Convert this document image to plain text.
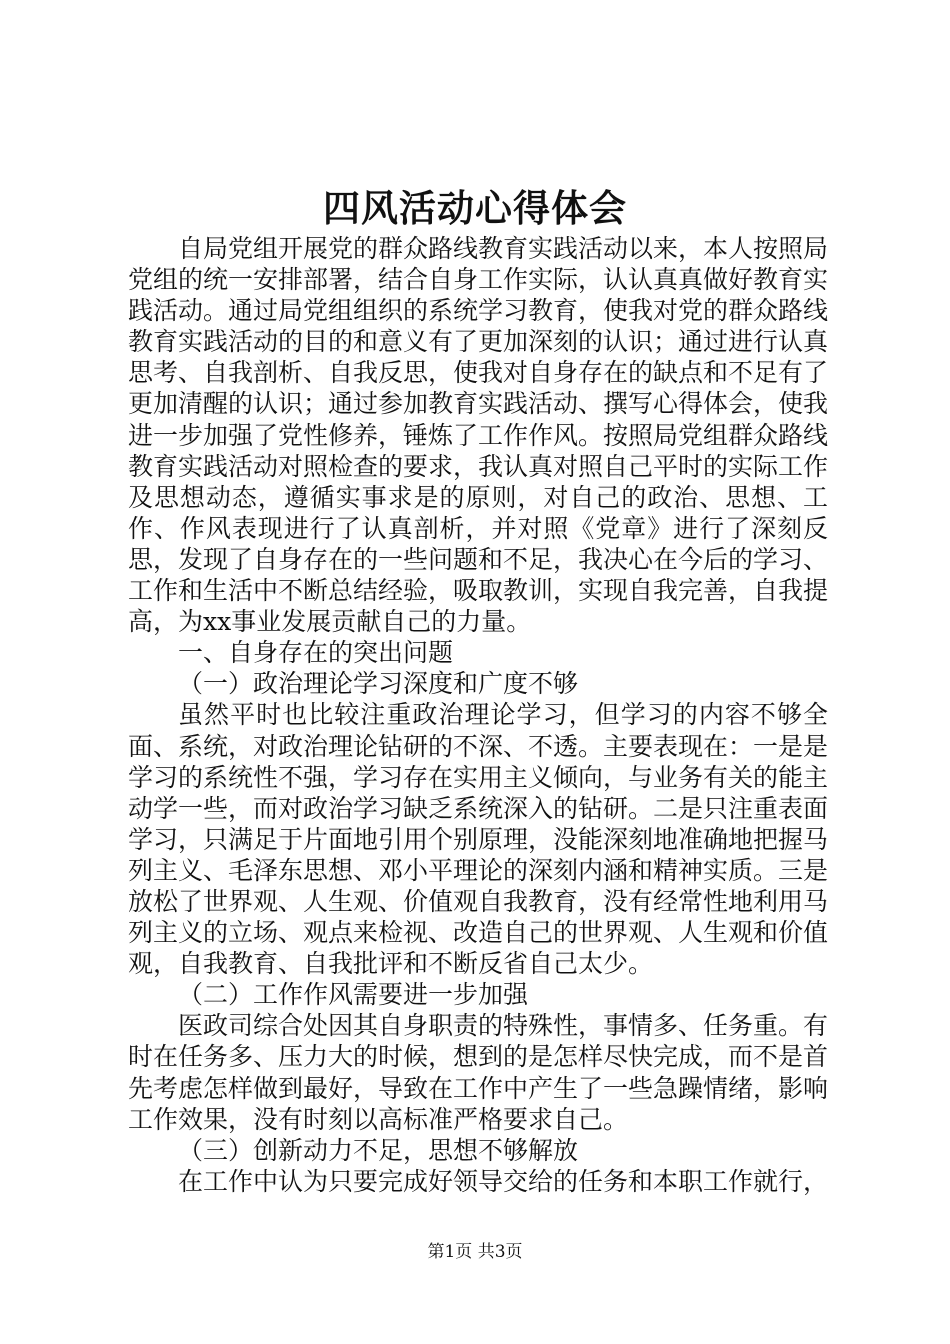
四风活动心得体会

自局党组开展党的群众路线教育实践活动以来，本人按照局党组的统一安排部署，结合自身工作实际，认认真真做好教育实践活动。通过局党组组织的系统学习教育，使我对党的群众路线教育实践活动的目的和意义有了更加深刻的认识；通过进行认真思考、自我剖析、自我反思，使我对自身存在的缺点和不足有了更加清醒的认识；通过参加教育实践活动、撰写心得体会，使我进一步加强了党性修养，锤炼了工作作风。按照局党组群众路线教育实践活动对照检查的要求，我认真对照自己平时的实际工作及思想动态，遵循实事求是的原则，对自己的政治、思想、工作、作风表现进行了认真剖析，并对照《党章》进行了深刻反思，发现了自身存在的一些问题和不足，我决心在今后的学习、工作和生活中不断总结经验，吸取教训，实现自我完善，自我提高，为xx事业发展贡献自己的力量。

一、自身存在的突出问题

（一）政治理论学习深度和广度不够

虽然平时也比较注重政治理论学习，但学习的内容不够全面、系统，对政治理论钻研的不深、不透。主要表现在：一是是学习的系统性不强，学习存在实用主义倾向，与业务有关的能主动学一些，而对政治学习缺乏系统深入的钻研。二是只注重表面学习，只满足于片面地引用个别原理，没能深刻地准确地把握马列主义、毛泽东思想、邓小平理论的深刻内涵和精神实质。三是放松了世界观、人生观、价值观自我教育，没有经常性地利用马列主义的立场、观点来检视、改造自己的世界观、人生观和价值观，自我教育、自我批评和不断反省自己太少。

（二）工作作风需要进一步加强

医政司综合处因其自身职责的特殊性，事情多、任务重。有时在任务多、压力大的时候，想到的是怎样尽快完成，而不是首先考虑怎样做到最好，导致在工作中产生了一些急躁情绪，影响工作效果，没有时刻以高标准严格要求自己。

（三）创新动力不足，思想不够解放

在工作中认为只要完成好领导交给的任务和本职工作就行，

第1页 共3页
